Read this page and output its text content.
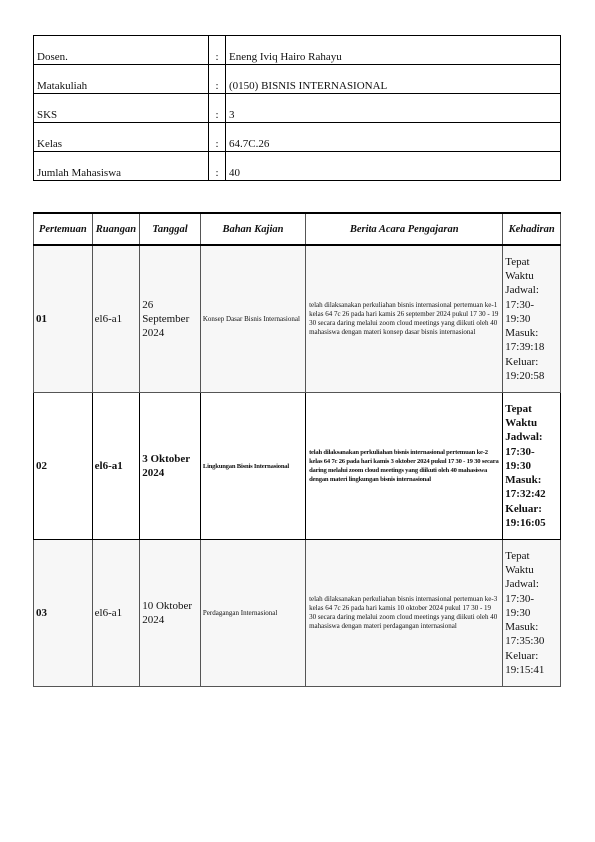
Dosen.	:	Eneng Iviq Hairo Rahayu
Matakuliah	:	(0150) BISNIS INTERNASIONAL
SKS	:	3
Kelas	:	64.7C.26
Jumlah Mahasiswa	:	40
Pertemuan	Ruangan	Tanggal	Bahan Kajian	Berita Acara Pengajaran	Kehadiran
01	el6-a1	26 September 2024	Konsep Dasar Bisnis Internasional	telah dilaksanakan perkuliahan bisnis internasional pertemuan ke-1 kelas 64 7c 26 pada hari kamis 26 september 2024 pukul 17 30 - 19 30 secara daring melalui zoom cloud meetings yang diikuti oleh 40 mahasiswa dengan materi konsep dasar bisnis internasional	Tepat Waktu Jadwal: 17:30-19:30 Masuk: 17:39:18 Keluar: 19:20:58
02	el6-a1	3 Oktober 2024	Lingkungan Bisnis Internasional	telah dilaksanakan perkuliahan bisnis internasional pertemuan ke-2 kelas 64 7c 26 pada hari kamis 3 oktober 2024 pukul 17 30 - 19 30 secara daring melalui zoom cloud meetings yang diikuti oleh 40 mahasiswa dengan materi lingkungan bisnis internasional	Tepat Waktu Jadwal: 17:30-19:30 Masuk: 17:32:42 Keluar: 19:16:05
03	el6-a1	10 Oktober 2024	Perdagangan Internasional	telah dilaksanakan perkuliahan bisnis internasional pertemuan ke-3 kelas 64 7c 26 pada hari kamis 10 oktober 2024 pukul 17 30 - 19 30 secara daring melalui zoom cloud meetings yang diikuti oleh 40 mahasiswa dengan materi perdagangan internasional	Tepat Waktu Jadwal: 17:30-19:30 Masuk: 17:35:30 Keluar: 19:15:41
